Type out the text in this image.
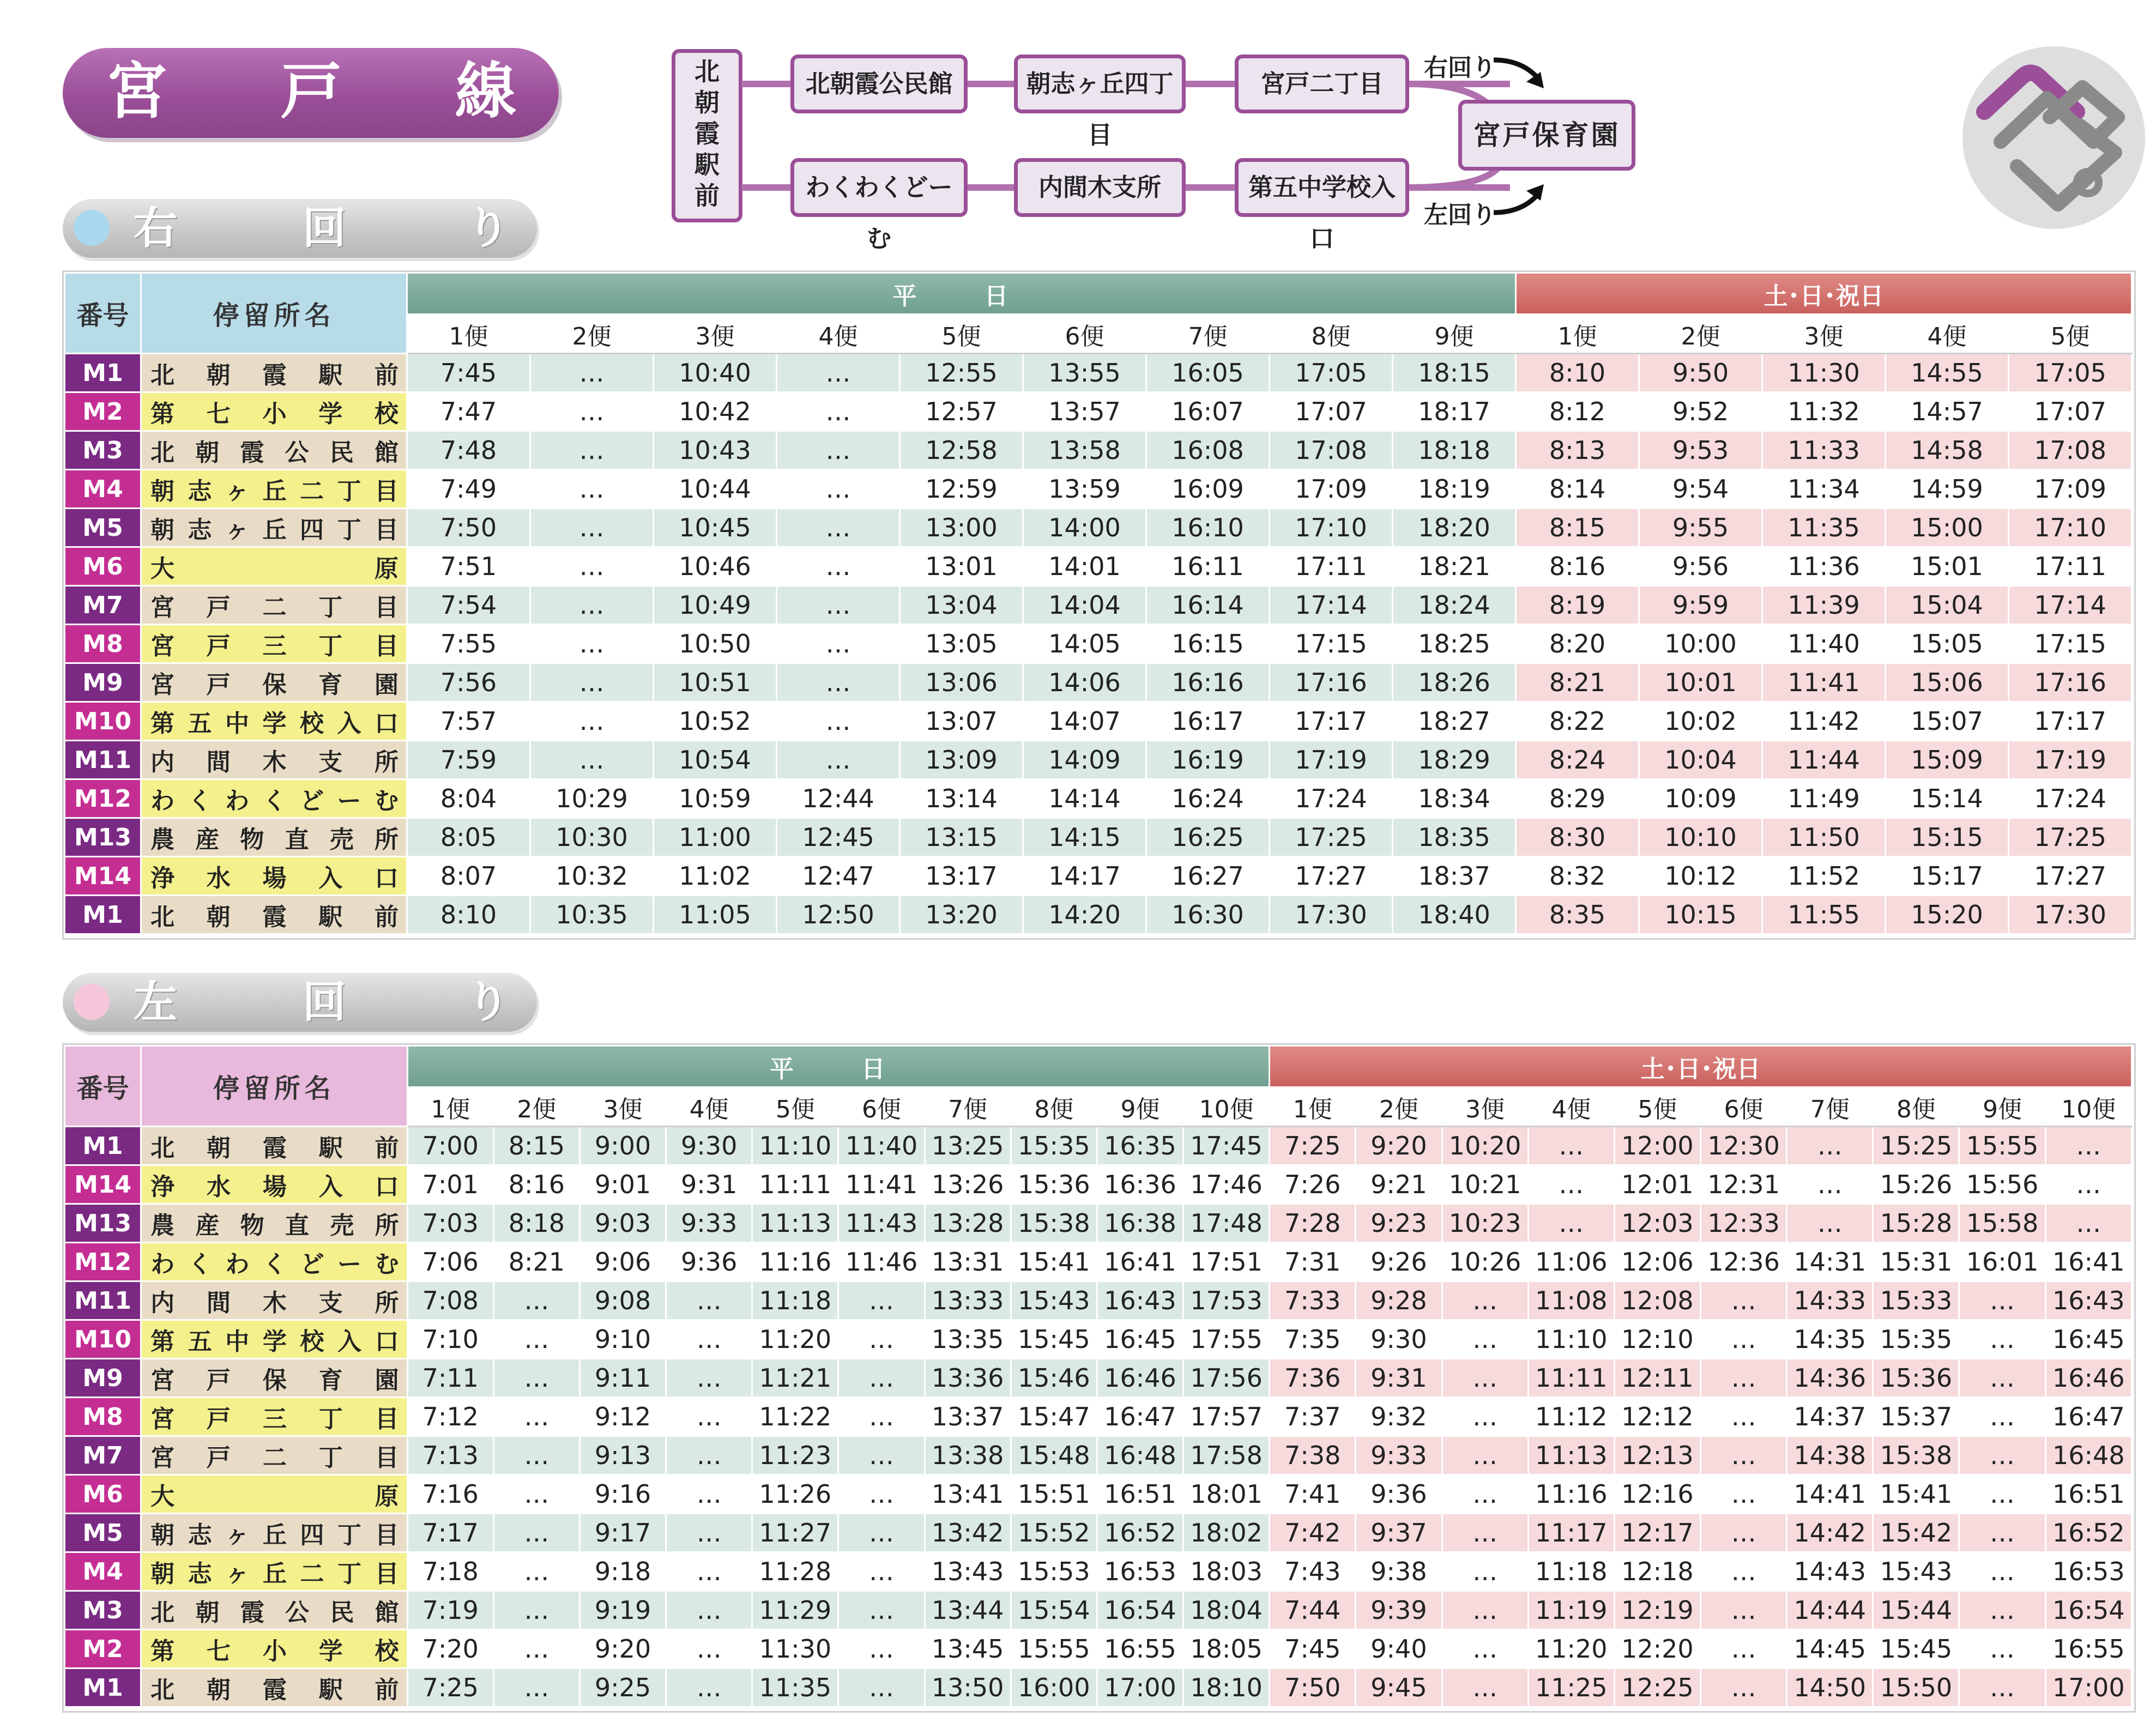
宮 戸 線	北
朝
霞
駅
前
北朝霞公民館	朝志ヶ丘四丁目
宮戸二丁目
わくわくどーむ
内間木支所	第五中学校入口
右回り
左回り
宮戸保育園
右	回	り
番号	停留所名	平　日									土･日･祝日				
		1便	2便	3便	4便	5便	6便	7便	8便	9便	1便	2便	3便	4便	5便
M1	北朝霞駅前	7:45	…	10:40	…	12:55	13:55	16:05	17:05	18:15	8:10	9:50	11:30	14:55	17:05
M2	第七小学校	7:47	…	10:42	…	12:57	13:57	16:07	17:07	18:17	8:12	9:52	11:32	14:57	17:07
M3	北朝霞公民館	7:48	…	10:43	…	12:58	13:58	16:08	17:08	18:18	8:13	9:53	11:33	14:58	17:08
M4	朝志ヶ丘二丁目	7:49	…	10:44	…	12:59	13:59	16:09	17:09	18:19	8:14	9:54	11:34	14:59	17:09
M5	朝志ヶ丘四丁目	7:50	…	10:45	…	13:00	14:00	16:10	17:10	18:20	8:15	9:55	11:35	15:00	17:10
M6	大原	7:51	…	10:46	…	13:01	14:01	16:11	17:11	18:21	8:16	9:56	11:36	15:01	17:11
M7	宮戸二丁目	7:54	…	10:49	…	13:04	14:04	16:14	17:14	18:24	8:19	9:59	11:39	15:04	17:14
M8	宮戸三丁目	7:55	…	10:50	…	13:05	14:05	16:15	17:15	18:25	8:20	10:00	11:40	15:05	17:15
M9	宮戸保育園	7:56	…	10:51	…	13:06	14:06	16:16	17:16	18:26	8:21	10:01	11:41	15:06	17:16
M10	第五中学校入口	7:57	…	10:52	…	13:07	14:07	16:17	17:17	18:27	8:22	10:02	11:42	15:07	17:17
M11	内間木支所	7:59	…	10:54	…	13:09	14:09	16:19	17:19	18:29	8:24	10:04	11:44	15:09	17:19
M12	わくわくどーむ	8:04	10:29	10:59	12:44	13:14	14:14	16:24	17:24	18:34	8:29	10:09	11:49	15:14	17:24
M13	農産物直売所	8:05	10:30	11:00	12:45	13:15	14:15	16:25	17:25	18:35	8:30	10:10	11:50	15:15	17:25
M14	浄水場入口	8:07	10:32	11:02	12:47	13:17	14:17	16:27	17:27	18:37	8:32	10:12	11:52	15:17	17:27
M1	北朝霞駅前	8:10	10:35	11:05	12:50	13:20	14:20	16:30	17:30	18:40	8:35	10:15	11:55	15:20	17:30
左	回	り
番号	停留所名	平　日										土･日･祝日									
		1便	2便	3便	4便	5便	6便	7便	8便	9便	10便	1便	2便	3便	4便	5便	6便	7便	8便	9便	10便
M1	北朝霞駅前	7:00	8:15	9:00	9:30	11:10	11:40	13:25	15:35	16:35	17:45	7:25	9:20	10:20	…	12:00	12:30	…	15:25	15:55	…
M14	浄水場入口	7:01	8:16	9:01	9:31	11:11	11:41	13:26	15:36	16:36	17:46	7:26	9:21	10:21	…	12:01	12:31	…	15:26	15:56	…
M13	農産物直売所	7:03	8:18	9:03	9:33	11:13	11:43	13:28	15:38	16:38	17:48	7:28	9:23	10:23	…	12:03	12:33	…	15:28	15:58	…
M12	わくわくどーむ	7:06	8:21	9:06	9:36	11:16	11:46	13:31	15:41	16:41	17:51	7:31	9:26	10:26	11:06	12:06	12:36	14:31	15:31	16:01	16:41
M11	内間木支所	7:08	…	9:08	…	11:18	…	13:33	15:43	16:43	17:53	7:33	9:28	…	11:08	12:08	…	14:33	15:33	…	16:43
M10	第五中学校入口	7:10	…	9:10	…	11:20	…	13:35	15:45	16:45	17:55	7:35	9:30	…	11:10	12:10	…	14:35	15:35	…	16:45
M9	宮戸保育園	7:11	…	9:11	…	11:21	…	13:36	15:46	16:46	17:56	7:36	9:31	…	11:11	12:11	…	14:36	15:36	…	16:46
M8	宮戸三丁目	7:12	…	9:12	…	11:22	…	13:37	15:47	16:47	17:57	7:37	9:32	…	11:12	12:12	…	14:37	15:37	…	16:47
M7	宮戸二丁目	7:13	…	9:13	…	11:23	…	13:38	15:48	16:48	17:58	7:38	9:33	…	11:13	12:13	…	14:38	15:38	…	16:48
M6	大原	7:16	…	9:16	…	11:26	…	13:41	15:51	16:51	18:01	7:41	9:36	…	11:16	12:16	…	14:41	15:41	…	16:51
M5	朝志ヶ丘四丁目	7:17	…	9:17	…	11:27	…	13:42	15:52	16:52	18:02	7:42	9:37	…	11:17	12:17	…	14:42	15:42	…	16:52
M4	朝志ヶ丘二丁目	7:18	…	9:18	…	11:28	…	13:43	15:53	16:53	18:03	7:43	9:38	…	11:18	12:18	…	14:43	15:43	…	16:53
M3	北朝霞公民館	7:19	…	9:19	…	11:29	…	13:44	15:54	16:54	18:04	7:44	9:39	…	11:19	12:19	…	14:44	15:44	…	16:54
M2	第七小学校	7:20	…	9:20	…	11:30	…	13:45	15:55	16:55	18:05	7:45	9:40	…	11:20	12:20	…	14:45	15:45	…	16:55
M1	北朝霞駅前	7:25	…	9:25	…	11:35	…	13:50	16:00	17:00	18:10	7:50	9:45	…	11:25	12:25	…	14:50	15:50	…	17:00
